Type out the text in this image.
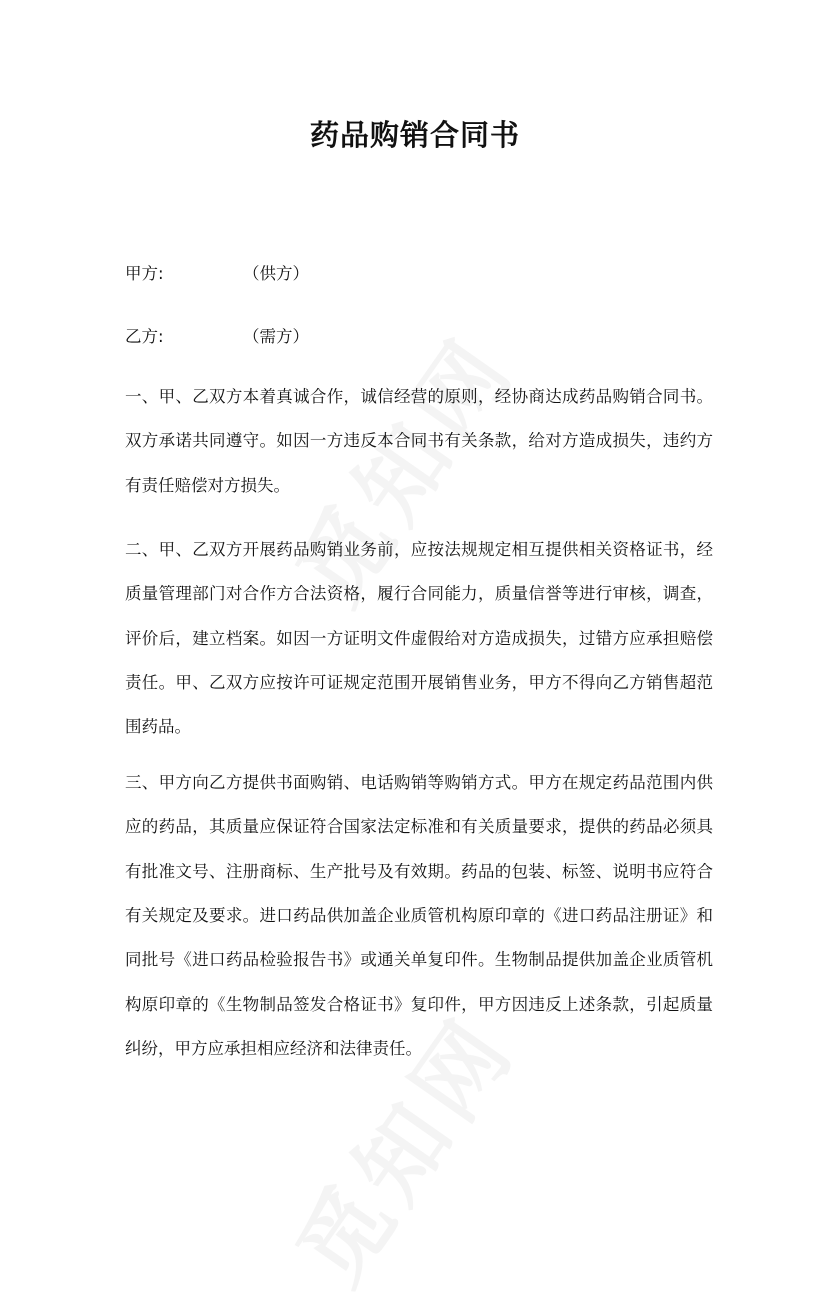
药品购销合同书
甲方:	（供方）
乙方:	（需方）
一、甲、乙双方本着真诚合作，诚信经营的原则，经协商达成药品购销合同书。
双方承诺共同遵守。如因一方违反本合同书有关条款，给对方造成损失，违约方
有责任赔偿对方损失。
二、甲、乙双方开展药品购销业务前，应按法规规定相互提供相关资格证书，经
质量管理部门对合作方合法资格，履行合同能力，质量信誉等进行审核，调查，
评价后，建立档案。如因一方证明文件虚假给对方造成损失，过错方应承担赔偿
责任。甲、乙双方应按许可证规定范围开展销售业务，甲方不得向乙方销售超范
围药品。
三、甲方向乙方提供书面购销、电话购销等购销方式。甲方在规定药品范围内供
应的药品，其质量应保证符合国家法定标准和有关质量要求，提供的药品必须具
有批准文号、注册商标、生产批号及有效期。药品的包装、标签、说明书应符合
有关规定及要求。进口药品供加盖企业质管机构原印章的《进口药品注册证》和
同批号《进口药品检验报告书》或通关单复印件。生物制品提供加盖企业质管机
构原印章的《生物制品签发合格证书》复印件，甲方因违反上述条款，引起质量
纠纷，甲方应承担相应经济和法律责任。
